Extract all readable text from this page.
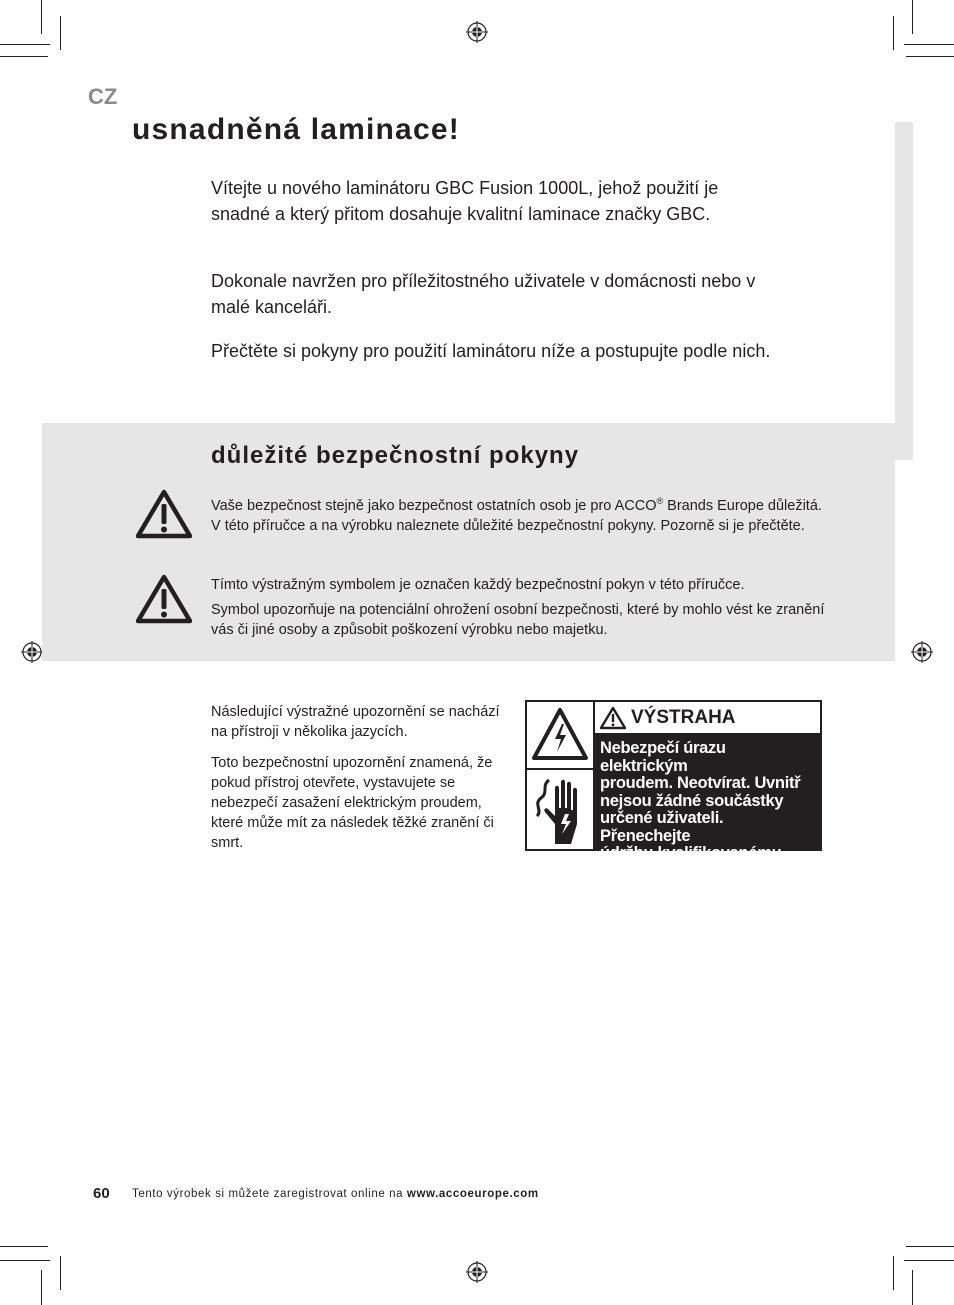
CZ
usnadněná laminace!

Vítejte u nového laminátoru GBC Fusion 1000L, jehož použití je snadné a který přitom dosahuje kvalitní laminace značky GBC.

Dokonale navržen pro příležitostného uživatele v domácnosti nebo v malé kanceláři.

Přečtěte si pokyny pro použití laminátoru níže a postupujte podle nich.

důležité bezpečnostní pokyny

Vaše bezpečnost stejně jako bezpečnost ostatních osob je pro ACCO® Brands Europe důležitá. V této příručce a na výrobku naleznete důležité bezpečnostní pokyny. Pozorně si je přečtěte.

Tímto výstražným symbolem je označen každý bezpečnostní pokyn v této příručce.

Symbol upozorňuje na potenciální ohrožení osobní bezpečnosti, které by mohlo vést ke zranění vás či jiné osoby a způsobit poškození výrobku nebo majetku.

Následující výstražné upozornění se nachází na přístroji v několika jazycích.

Toto bezpečnostní upozornění znamená, že pokud přístroj otevřete, vystavujete se nebezpečí zasažení elektrickým proudem, které může mít za následek těžké zranění či smrt.

VÝSTRAHA
Nebezpečí úrazu elektrickým
proudem. Neotvírat. Uvnitř
nejsou žádné součástky
určené uživateli. Přenechejte
údržbu kvalifikovanému
servisnímu personálu.
60 Tento výrobek si můžete zaregistrovat online na www.accoeurope.com
